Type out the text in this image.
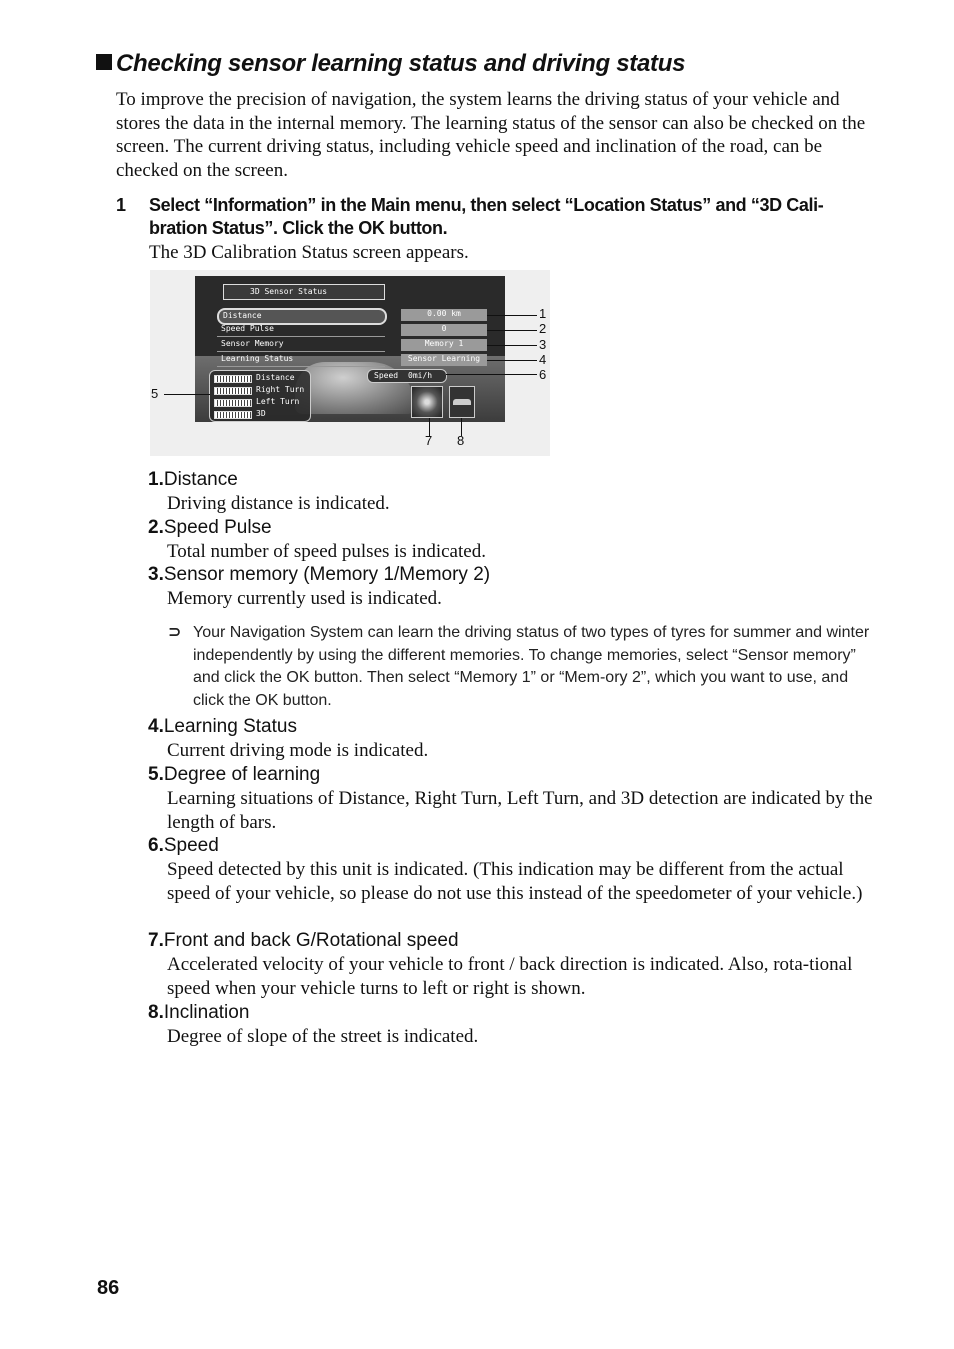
Checking sensor learning status and driving status
To improve the precision of navigation, the system learns the driving status of your vehicle and stores the data in the internal memory. The learning status of the sensor can also be checked on the screen. The current driving status, including vehicle speed and inclination of the road, can be checked on the screen.
1 Select “Information” in the Main menu, then select “Location Status” and “3D Cali-bration Status”. Click the OK button.
The 3D Calibration Status screen appears.
3D Sensor Status
Distance
Speed Pulse
Sensor Memory
Learning Status
0.00 km
0
Memory 1
Sensor Learning
Distance
Right Turn
Left Turn
3D
Speed 0mi/h
1
2
3
4
6
5
7 8
1.Distance
Driving distance is indicated.
2.Speed Pulse
Total number of speed pulses is indicated.
3.Sensor memory (Memory 1/Memory 2)
Memory currently used is indicated.
⊃ Your Navigation System can learn the driving status of two types of tyres for summer and winter independently by using the different memories. To change memories, select “Sensor memory” and click the OK button. Then select “Memory 1” or “Mem-ory 2”, which you want to use, and click the OK button.
4.Learning Status
Current driving mode is indicated.
5.Degree of learning
Learning situations of Distance, Right Turn, Left Turn, and 3D detection are indicated by the length of bars.
6.Speed
Speed detected by this unit is indicated. (This indication may be different from the actual speed of your vehicle, so please do not use this instead of the speedometer of your vehicle.)
7.Front and back G/Rotational speed
Accelerated velocity of your vehicle to front / back direction is indicated. Also, rota-tional speed when your vehicle turns to left or right is shown.
8.Inclination
Degree of slope of the street is indicated.
86
